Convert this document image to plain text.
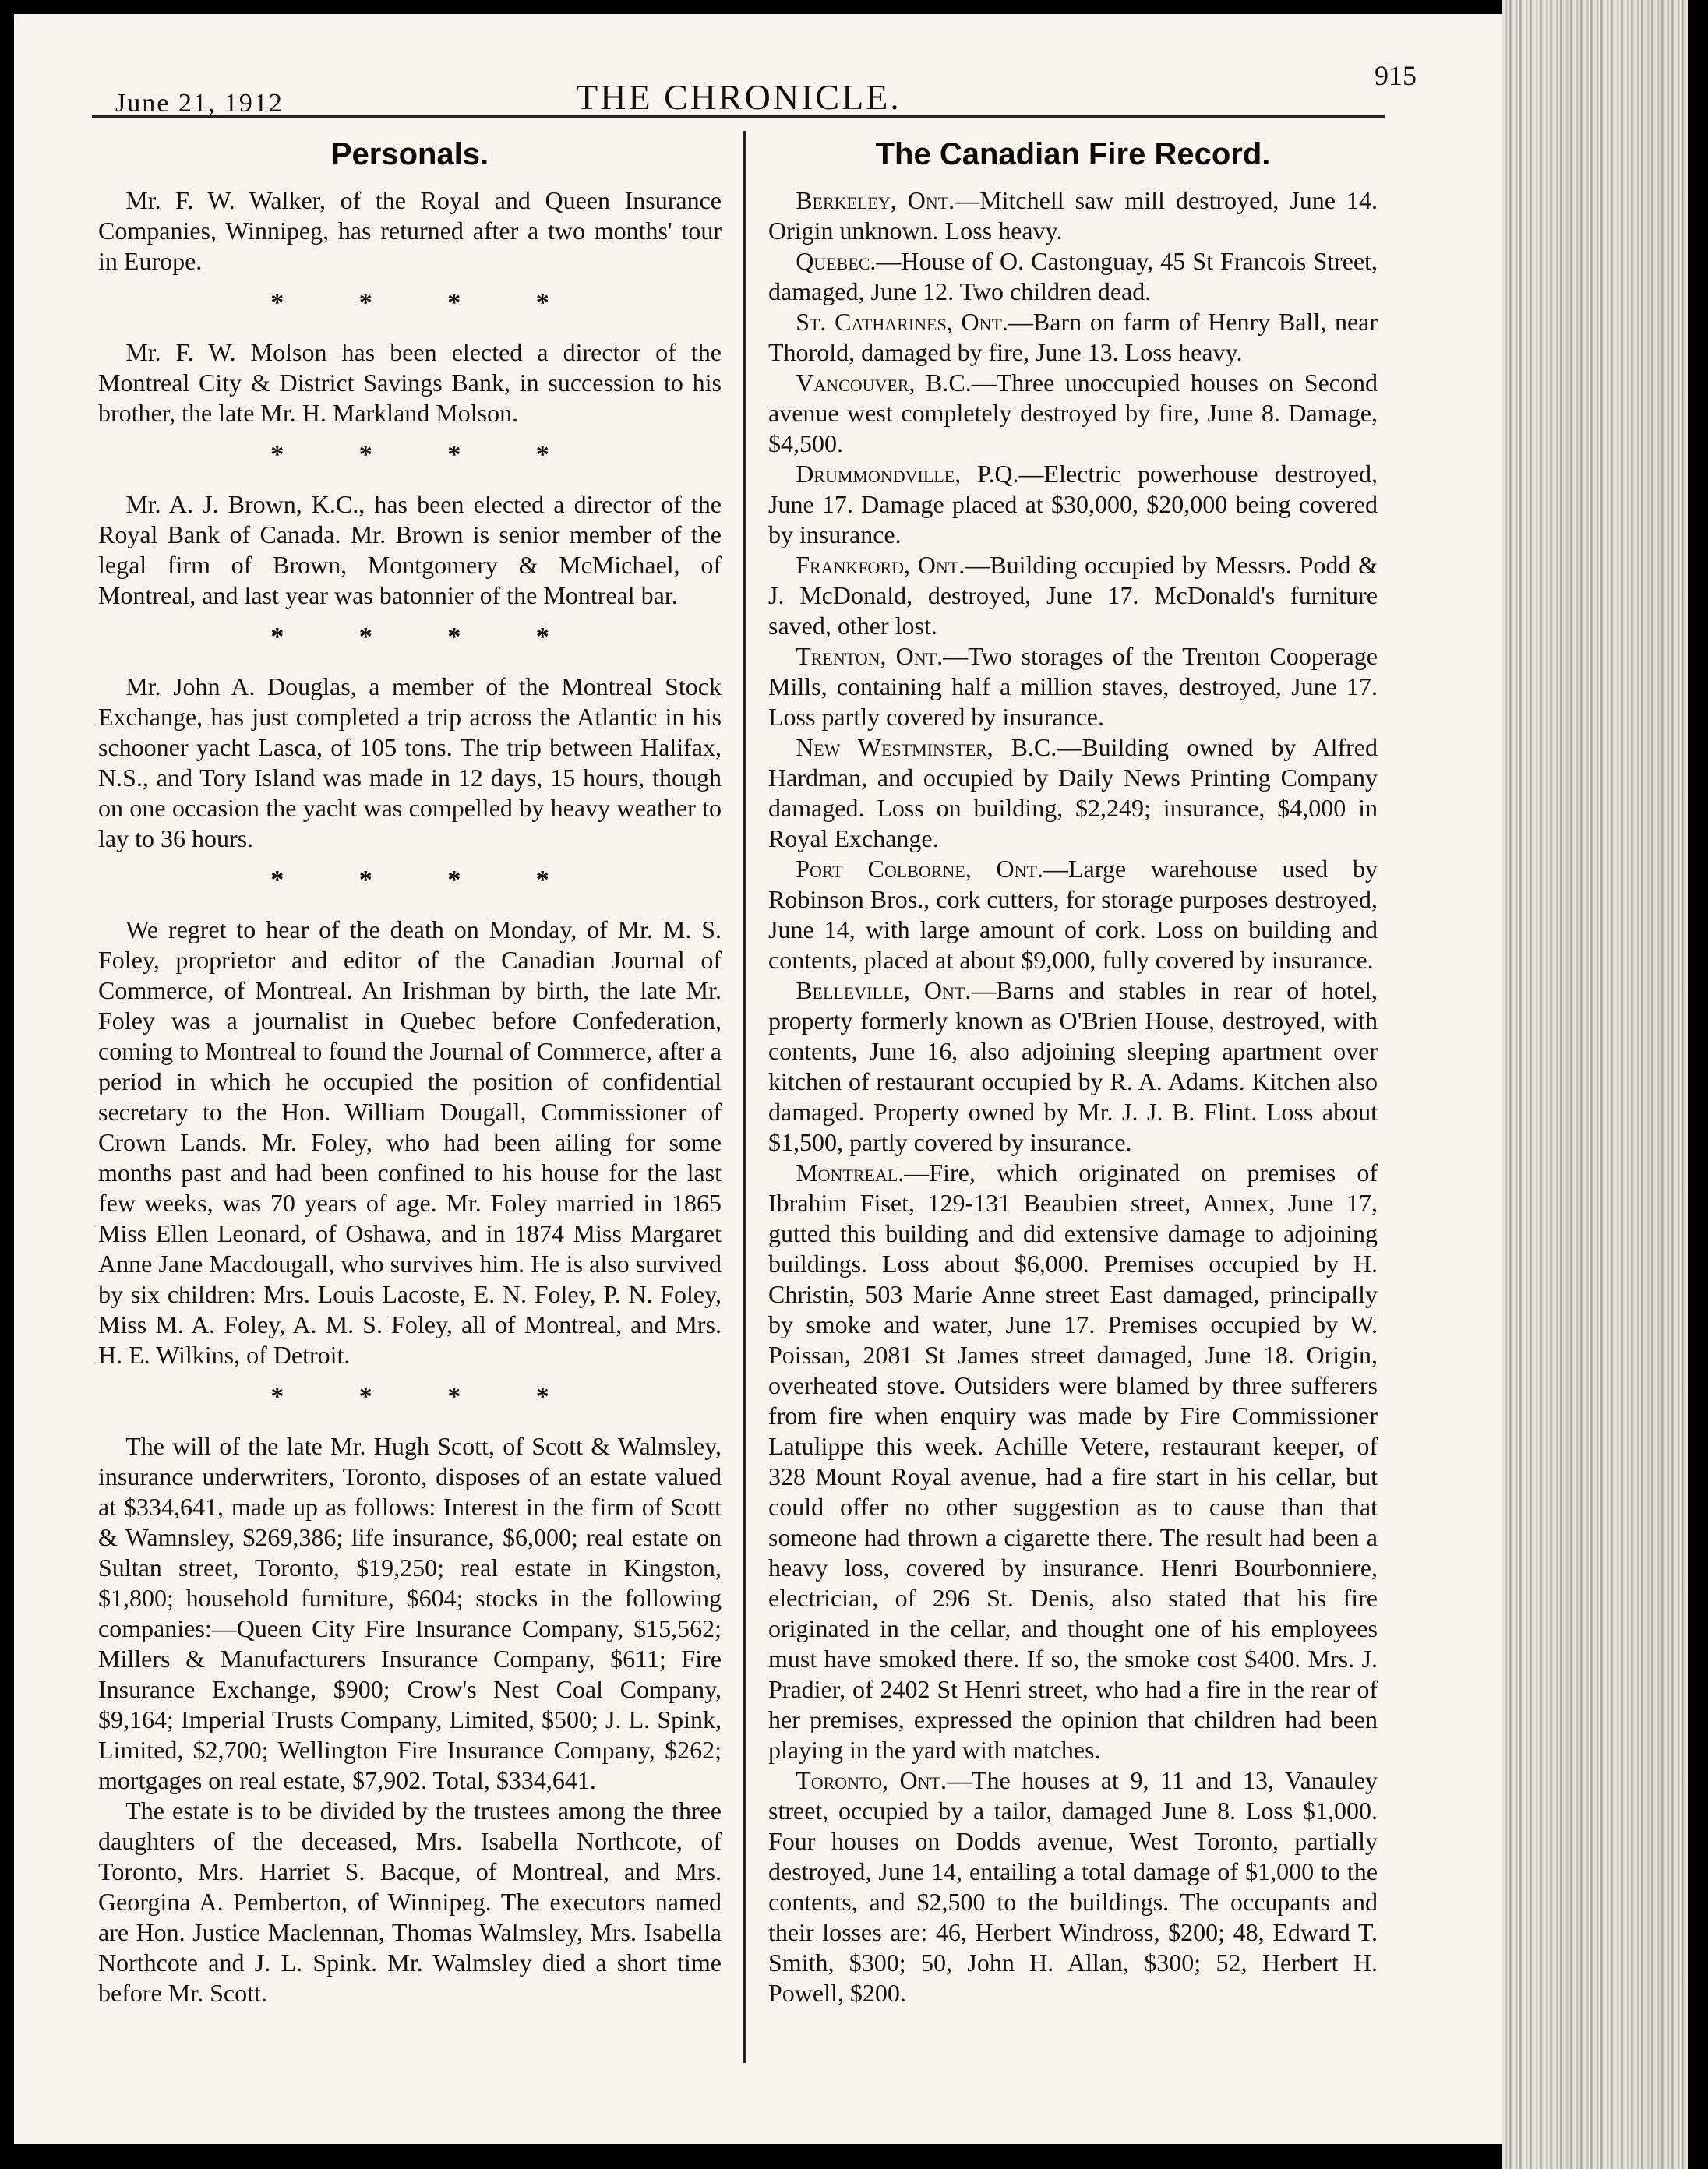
June 21, 1912	THE CHRONICLE.
915
Personals.

Mr. F. W. Walker, of the Royal and Queen Insurance Companies, Winnipeg, has returned after a two months' tour in Europe.

* * * *

Mr. F. W. Molson has been elected a director of the Montreal City & District Savings Bank, in succession to his brother, the late Mr. H. Markland Molson.

* * * *

Mr. A. J. Brown, K.C., has been elected a director of the Royal Bank of Canada. Mr. Brown is senior member of the legal firm of Brown, Montgomery & McMichael, of Montreal, and last year was batonnier of the Montreal bar.

* * * *

Mr. John A. Douglas, a member of the Montreal Stock Exchange, has just completed a trip across the Atlantic in his schooner yacht Lasca, of 105 tons. The trip between Halifax, N.S., and Tory Island was made in 12 days, 15 hours, though on one occasion the yacht was compelled by heavy weather to lay to 36 hours.

* * * *

We regret to hear of the death on Monday, of Mr. M. S. Foley, proprietor and editor of the Canadian Journal of Commerce, of Montreal. An Irishman by birth, the late Mr. Foley was a journalist in Quebec before Confederation, coming to Montreal to found the Journal of Commerce, after a period in which he occupied the position of confidential secretary to the Hon. William Dougall, Commissioner of Crown Lands. Mr. Foley, who had been ailing for some months past and had been confined to his house for the last few weeks, was 70 years of age. Mr. Foley married in 1865 Miss Ellen Leonard, of Oshawa, and in 1874 Miss Margaret Anne Jane Macdougall, who survives him. He is also survived by six children: Mrs. Louis Lacoste, E. N. Foley, P. N. Foley, Miss M. A. Foley, A. M. S. Foley, all of Montreal, and Mrs. H. E. Wilkins, of Detroit.

* * * *

The will of the late Mr. Hugh Scott, of Scott & Walmsley, insurance underwriters, Toronto, disposes of an estate valued at $334,641, made up as follows: Interest in the firm of Scott & Wamnsley, $269,386; life insurance, $6,000; real estate on Sultan street, Toronto, $19,250; real estate in Kingston, $1,800; household furniture, $604; stocks in the following companies:—Queen City Fire Insurance Company, $15,562; Millers & Manufacturers Insurance Company, $611; Fire Insurance Exchange, $900; Crow's Nest Coal Company, $9,164; Imperial Trusts Company, Limited, $500; J. L. Spink, Limited, $2,700; Wellington Fire Insurance Company, $262; mortgages on real estate, $7,902. Total, $334,641.

The estate is to be divided by the trustees among the three daughters of the deceased, Mrs. Isabella Northcote, of Toronto, Mrs. Harriet S. Bacque, of Montreal, and Mrs. Georgina A. Pemberton, of Winnipeg. The executors named are Hon. Justice Maclennan, Thomas Walmsley, Mrs. Isabella Northcote and J. L. Spink. Mr. Walmsley died a short time before Mr. Scott.

The Canadian Fire Record.

Berkeley, Ont.—Mitchell saw mill destroyed, June 14. Origin unknown. Loss heavy.

Quebec.—House of O. Castonguay, 45 St Francois Street, damaged, June 12. Two children dead.

St. Catharines, Ont.—Barn on farm of Henry Ball, near Thorold, damaged by fire, June 13. Loss heavy.

Vancouver, B.C.—Three unoccupied houses on Second avenue west completely destroyed by fire, June 8. Damage, $4,500.

Drummondville, P.Q.—Electric powerhouse destroyed, June 17. Damage placed at $30,000, $20,000 being covered by insurance.

Frankford, Ont.—Building occupied by Messrs. Podd & J. McDonald, destroyed, June 17. McDonald's furniture saved, other lost.

Trenton, Ont.—Two storages of the Trenton Cooperage Mills, containing half a million staves, destroyed, June 17. Loss partly covered by insurance.

New Westminster, B.C.—Building owned by Alfred Hardman, and occupied by Daily News Printing Company damaged. Loss on building, $2,249; insurance, $4,000 in Royal Exchange.

Port Colborne, Ont.—Large warehouse used by Robinson Bros., cork cutters, for storage purposes destroyed, June 14, with large amount of cork. Loss on building and contents, placed at about $9,000, fully covered by insurance.

Belleville, Ont.—Barns and stables in rear of hotel, property formerly known as O'Brien House, destroyed, with contents, June 16, also adjoining sleeping apartment over kitchen of restaurant occupied by R. A. Adams. Kitchen also damaged. Property owned by Mr. J. J. B. Flint. Loss about $1,500, partly covered by insurance.

Montreal.—Fire, which originated on premises of Ibrahim Fiset, 129-131 Beaubien street, Annex, June 17, gutted this building and did extensive damage to adjoining buildings. Loss about $6,000. Premises occupied by H. Christin, 503 Marie Anne street East damaged, principally by smoke and water, June 17. Premises occupied by W. Poissan, 2081 St James street damaged, June 18. Origin, overheated stove. Outsiders were blamed by three sufferers from fire when enquiry was made by Fire Commissioner Latulippe this week. Achille Vetere, restaurant keeper, of 328 Mount Royal avenue, had a fire start in his cellar, but could offer no other suggestion as to cause than that someone had thrown a cigarette there. The result had been a heavy loss, covered by insurance. Henri Bourbonniere, electrician, of 296 St. Denis, also stated that his fire originated in the cellar, and thought one of his employees must have smoked there. If so, the smoke cost $400. Mrs. J. Pradier, of 2402 St Henri street, who had a fire in the rear of her premises, expressed the opinion that children had been playing in the yard with matches.

Toronto, Ont.—The houses at 9, 11 and 13, Vanauley street, occupied by a tailor, damaged June 8. Loss $1,000. Four houses on Dodds avenue, West Toronto, partially destroyed, June 14, entailing a total damage of $1,000 to the contents, and $2,500 to the buildings. The occupants and their losses are: 46, Herbert Windross, $200; 48, Edward T. Smith, $300; 50, John H. Allan, $300; 52, Herbert H. Powell, $200.
